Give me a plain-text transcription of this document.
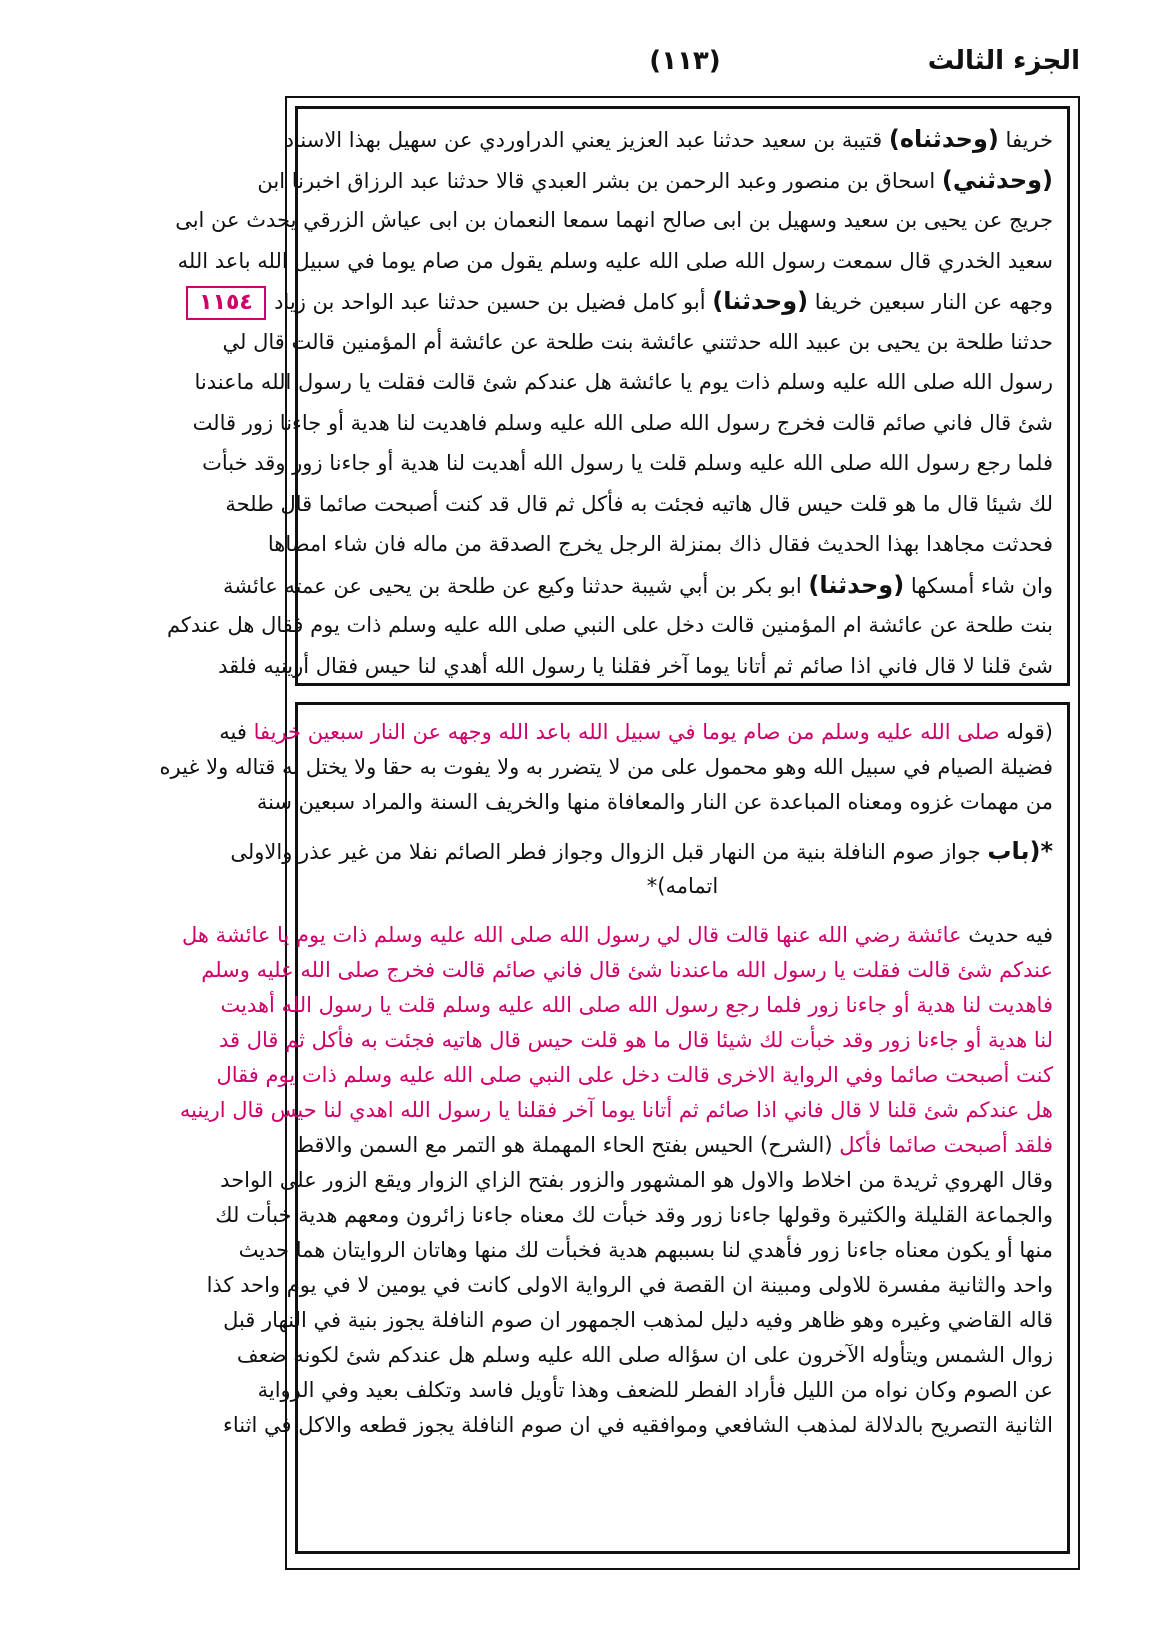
الجزء الثالث
(١١٣)
١١٥٤
خريفا (وحدثناه) قتيبة بن سعيد حدثنا عبد العزيز يعني الدراوردي عن سهيل بهذا الاسناد
(وحدثني) اسحاق بن منصور وعبد الرحمن بن بشر العبدي قالا حدثنا عبد الرزاق اخبرنا ابن
جريج عن يحيى بن سعيد وسهيل بن ابى صالح انهما سمعا النعمان بن ابى عياش الزرقي يحدث عن ابى
سعيد الخدري قال سمعت رسول الله صلى الله عليه وسلم يقول من صام يوما في سبيل الله باعد الله
وجهه عن النار سبعين خريفا (وحدثنا) أبو كامل فضيل بن حسين حدثنا عبد الواحد بن زياد
حدثنا طلحة بن يحيى بن عبيد الله حدثتني عائشة بنت طلحة عن عائشة أم المؤمنين قالت قال لي
رسول الله صلى الله عليه وسلم ذات يوم يا عائشة هل عندكم شئ قالت فقلت يا رسول الله ماعندنا
شئ قال فاني صائم قالت فخرج رسول الله صلى الله عليه وسلم فاهديت لنا هدية أو جاءنا زور قالت
فلما رجع رسول الله صلى الله عليه وسلم قلت يا رسول الله أهديت لنا هدية أو جاءنا زور وقد خبأت
لك شيئا قال ما هو قلت حيس قال هاتيه فجئت به فأكل ثم قال قد كنت أصبحت صائما قال طلحة
فحدثت مجاهدا بهذا الحديث فقال ذاك بمنزلة الرجل يخرج الصدقة من ماله فان شاء امضاها
وان شاء أمسكها (وحدثنا) ابو بكر بن أبي شيبة حدثنا وكيع عن طلحة بن يحيى عن عمته عائشة
بنت طلحة عن عائشة ام المؤمنين قالت دخل على النبي صلى الله عليه وسلم ذات يوم فقال هل عندكم
شئ قلنا لا قال فاني اذا صائم ثم أتانا يوما آخر فقلنا يا رسول الله أهدي لنا حيس فقال أرينيه فلقد
(قوله صلى الله عليه وسلم من صام يوما في سبيل الله باعد الله وجهه عن النار سبعين خريفا فيه
فضيلة الصيام في سبيل الله وهو محمول على من لا يتضرر به ولا يفوت به حقا ولا يختل به قتاله ولا غيره
من مهمات غزوه ومعناه المباعدة عن النار والمعافاة منها والخريف السنة والمراد سبعين سنة
*(باب جواز صوم النافلة بنية من النهار قبل الزوال وجواز فطر الصائم نفلا من غير عذر والاولى
اتمامه)*
فيه حديث عائشة رضي الله عنها قالت قال لي رسول الله صلى الله عليه وسلم ذات يوم يا عائشة هل
عندكم شئ قالت فقلت يا رسول الله ماعندنا شئ قال فاني صائم قالت فخرج صلى الله عليه وسلم
فاهديت لنا هدية أو جاءنا زور فلما رجع رسول الله صلى الله عليه وسلم قلت يا رسول الله أهديت
لنا هدية أو جاءنا زور وقد خبأت لك شيئا قال ما هو قلت حيس قال هاتيه فجئت به فأكل ثم قال قد
كنت أصبحت صائما وفي الرواية الاخرى قالت دخل على النبي صلى الله عليه وسلم ذات يوم فقال
هل عندكم شئ قلنا لا قال فاني اذا صائم ثم أتانا يوما آخر فقلنا يا رسول الله اهدي لنا حيس قال ارينيه
فلقد أصبحت صائما فأكل (الشرح) الحيس بفتح الحاء المهملة هو التمر مع السمن والاقط
وقال الهروي ثريدة من اخلاط والاول هو المشهور والزور بفتح الزاي الزوار ويقع الزور على الواحد
والجماعة القليلة والكثيرة وقولها جاءنا زور وقد خبأت لك معناه جاءنا زائرون ومعهم هدية خبأت لك
منها أو يكون معناه جاءنا زور فأهدي لنا بسببهم هدية فخبأت لك منها وهاتان الروايتان هما حديث
واحد والثانية مفسرة للاولى ومبينة ان القصة في الرواية الاولى كانت في يومين لا في يوم واحد كذا
قاله القاضي وغيره وهو ظاهر وفيه دليل لمذهب الجمهور ان صوم النافلة يجوز بنية في النهار قبل
زوال الشمس ويتأوله الآخرون على ان سؤاله صلى الله عليه وسلم هل عندكم شئ لكونه ضعف
عن الصوم وكان نواه من الليل فأراد الفطر للضعف وهذا تأويل فاسد وتكلف بعيد وفي الرواية
الثانية التصريح بالدلالة لمذهب الشافعي وموافقيه في ان صوم النافلة يجوز قطعه والاكل في اثناء
